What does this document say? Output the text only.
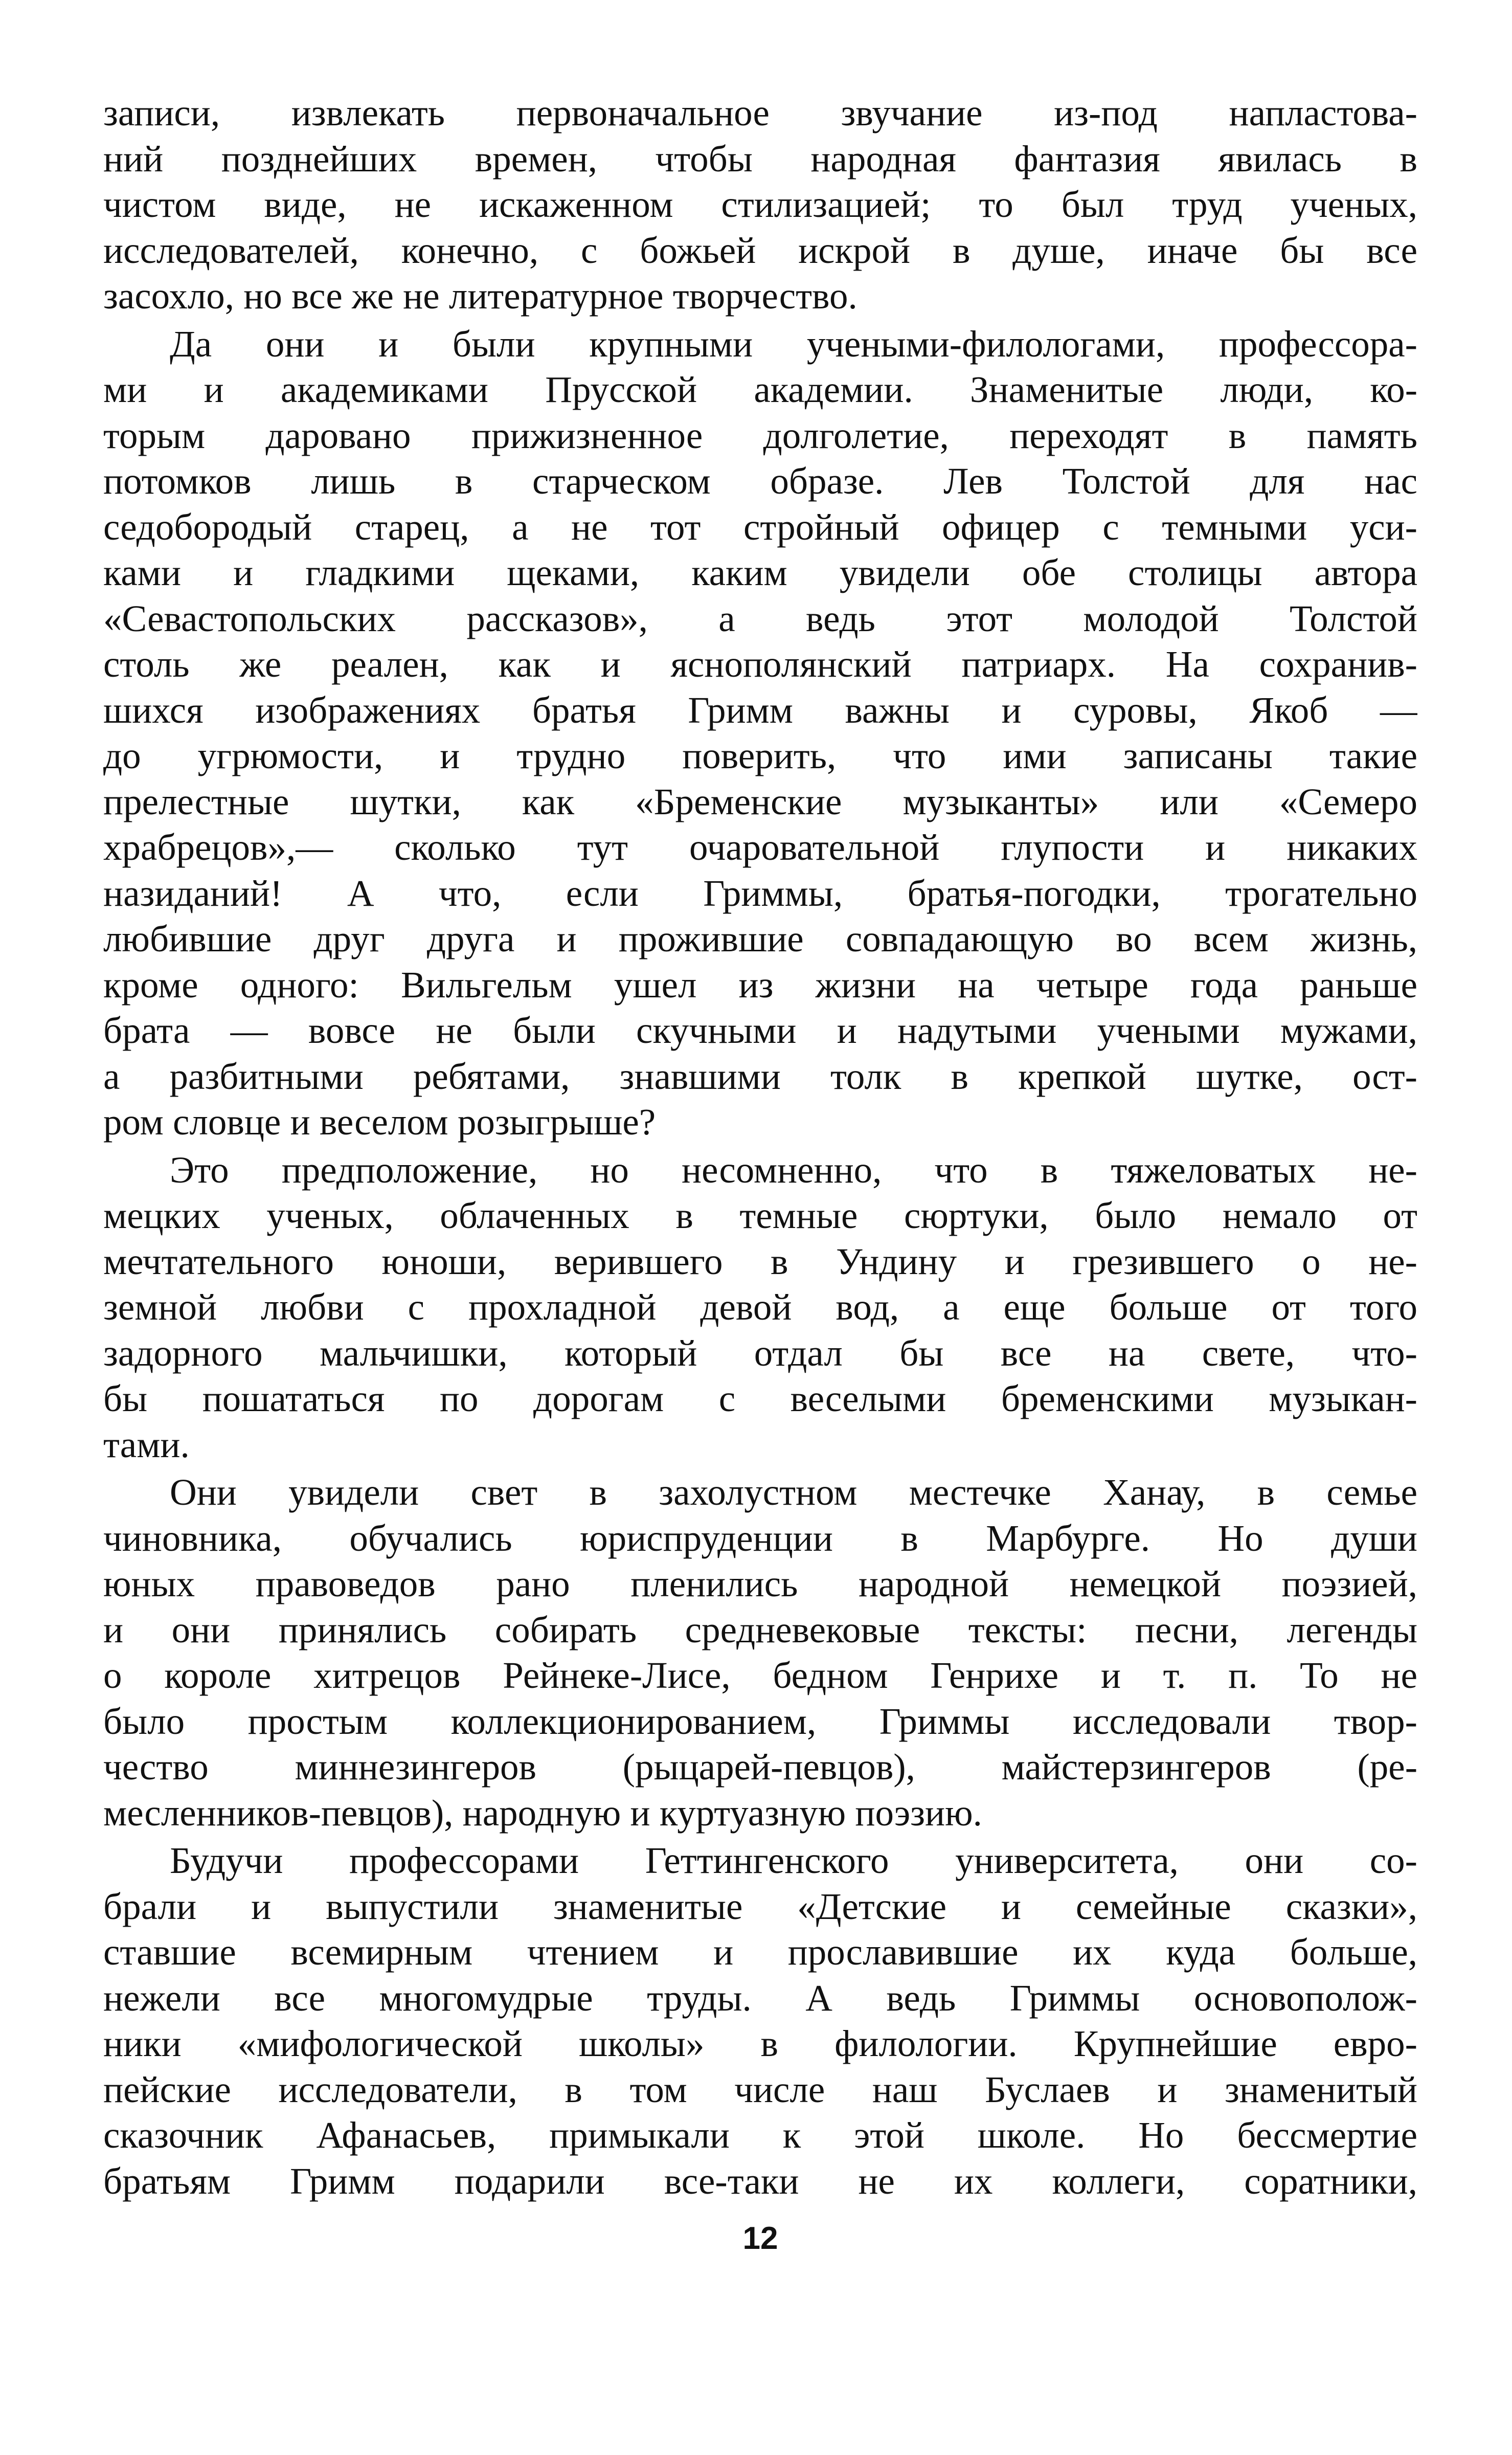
записи, извлекать первоначальное звучание из-под напластова-
ний позднейших времен, чтобы народная фантазия явилась в
чистом виде, не искаженном стилизацией; то был труд ученых,
исследователей, конечно, с божьей искрой в душе, иначе бы все
засохло, но все же не литературное творчество.
Да они и были крупными учеными-филологами, профессора-
ми и академиками Прусской академии. Знаменитые люди, ко-
торым даровано прижизненное долголетие, переходят в память
потомков лишь в старческом образе. Лев Толстой для нас
седобородый старец, а не тот стройный офицер с темными уси-
ками и гладкими щеками, каким увидели обе столицы автора
«Севастопольских рассказов», а ведь этот молодой Толстой
столь же реален, как и яснополянский патриарх. На сохранив-
шихся изображениях братья Гримм важны и суровы, Якоб —
до угрюмости, и трудно поверить, что ими записаны такие
прелестные шутки, как «Бременские музыканты» или «Семеро
храбрецов»,— сколько тут очаровательной глупости и никаких
назиданий! А что, если Гриммы, братья-погодки, трогательно
любившие друг друга и прожившие совпадающую во всем жизнь,
кроме одного: Вильгельм ушел из жизни на четыре года раньше
брата — вовсе не были скучными и надутыми учеными мужами,
а разбитными ребятами, знавшими толк в крепкой шутке, ост-
ром словце и веселом розыгрыше?
Это предположение, но несомненно, что в тяжеловатых не-
мецких ученых, облаченных в темные сюртуки, было немало от
мечтательного юноши, верившего в Ундину и грезившего о не-
земной любви с прохладной девой вод, а еще больше от того
задорного мальчишки, который отдал бы все на свете, что-
бы пошататься по дорогам с веселыми бременскими музыкан-
тами.
Они увидели свет в захолустном местечке Ханау, в семье
чиновника, обучались юриспруденции в Марбурге. Но души
юных правоведов рано пленились народной немецкой поэзией,
и они принялись собирать средневековые тексты: песни, легенды
о короле хитрецов Рейнеке-Лисе, бедном Генрихе и т. п. То не
было простым коллекционированием, Гриммы исследовали твор-
чество миннезингеров (рыцарей-певцов), майстерзингеров (ре-
месленников-певцов), народную и куртуазную поэзию.
Будучи профессорами Геттингенского университета, они со-
брали и выпустили знаменитые «Детские и семейные сказки»,
ставшие всемирным чтением и прославившие их куда больше,
нежели все многомудрые труды. А ведь Гриммы основополож-
ники «мифологической школы» в филологии. Крупнейшие евро-
пейские исследователи, в том числе наш Буслаев и знаменитый
сказочник Афанасьев, примыкали к этой школе. Но бессмертие
братьям Гримм подарили все-таки не их коллеги, соратники,
12
